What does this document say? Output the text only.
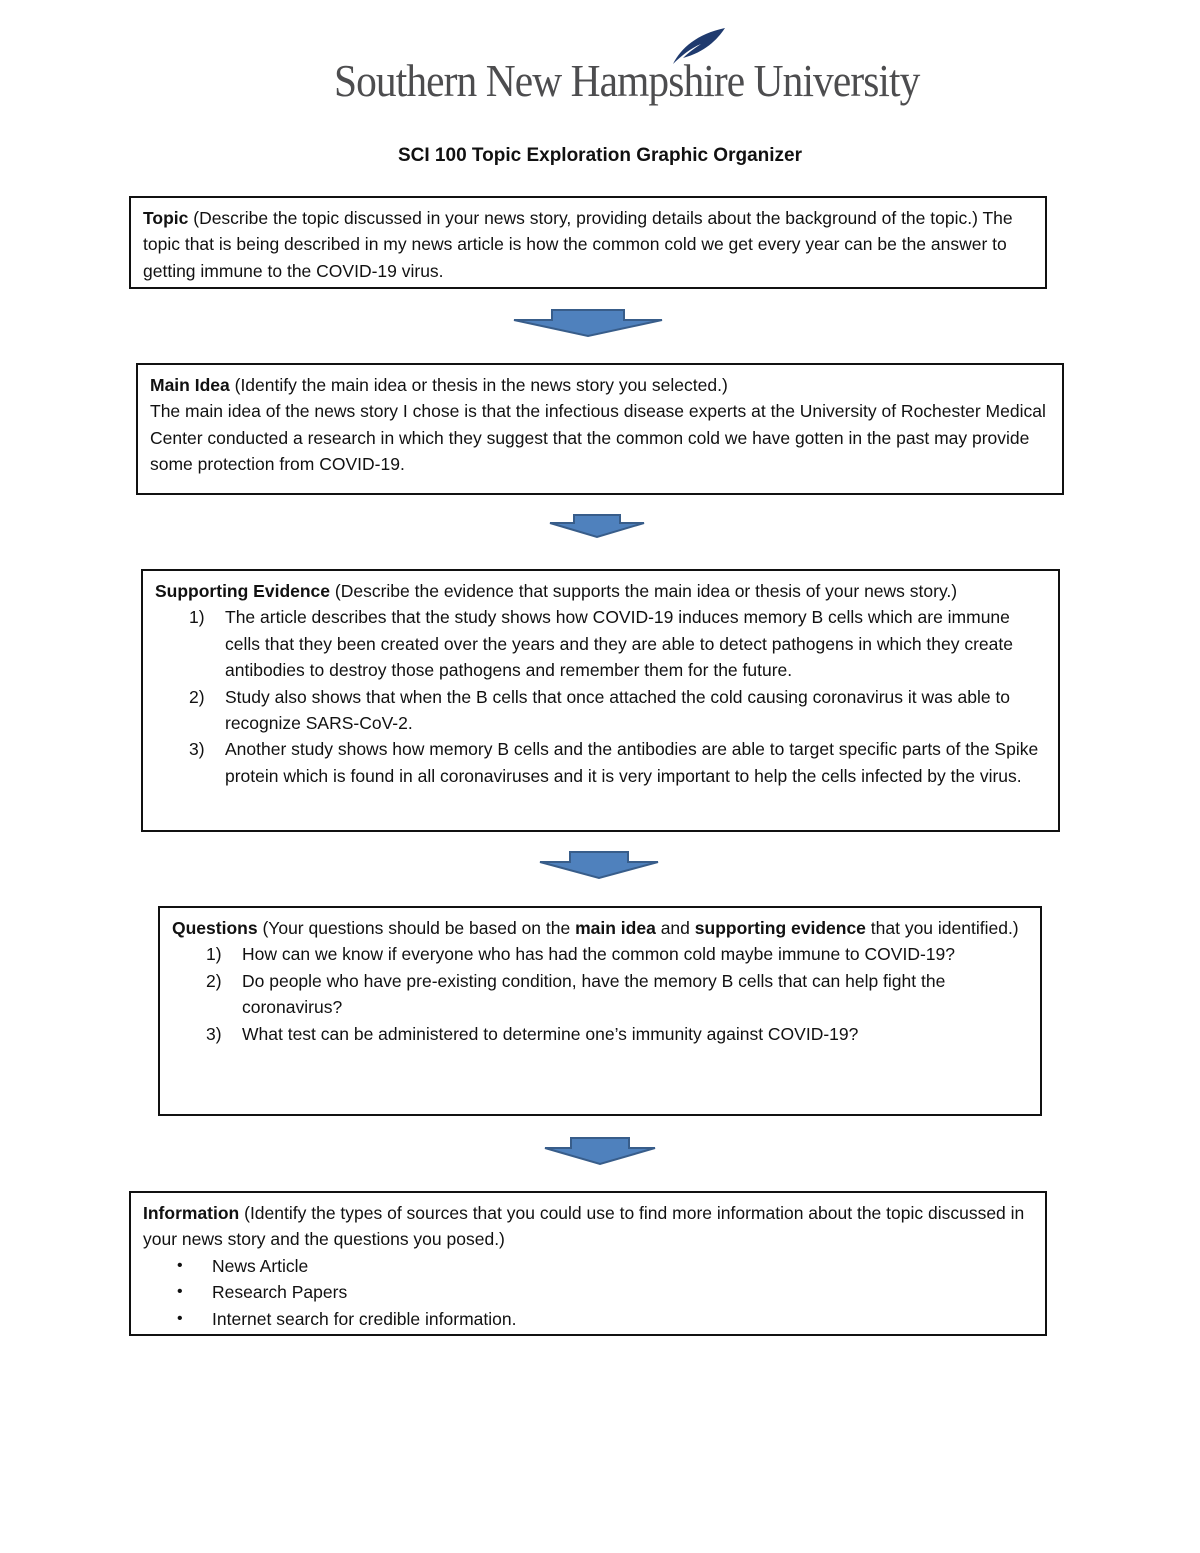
Southern New Hampshire University
SCI 100 Topic Exploration Graphic Organizer

Topic (Describe the topic discussed in your news story, providing details about the background of the topic.) The topic that is being described in my news article is how the common cold we get every year can be the answer to getting immune to the COVID-19 virus.

Main Idea (Identify the main idea or thesis in the news story you selected.)

The main idea of the news story I chose is that the infectious disease experts at the University of Rochester Medical Center conducted a research in which they suggest that the common cold we have gotten in the past may provide some protection from COVID-19.

Supporting Evidence (Describe the evidence that supports the main idea or thesis of your news story.)

1) The article describes that the study shows how COVID-19 induces memory B cells which are immune cells that they been created over the years and they are able to detect pathogens in which they create antibodies to destroy those pathogens and remember them for the future.
2) Study also shows that when the B cells that once attached the cold causing coronavirus it was able to recognize SARS-CoV-2.
3) Another study shows how memory B cells and the antibodies are able to target specific parts of the Spike protein which is found in all coronaviruses and it is very important to help the cells infected by the virus.

Questions (Your questions should be based on the main idea and supporting evidence that you identified.)

1) How can we know if everyone who has had the common cold maybe immune to COVID-19?
2) Do people who have pre-existing condition, have the memory B cells that can help fight the coronavirus?
3) What test can be administered to determine one’s immunity against COVID-19?

Information (Identify the types of sources that you could use to find more information about the topic discussed in your news story and the questions you posed.)

• News Article
• Research Papers
• Internet search for credible information.
